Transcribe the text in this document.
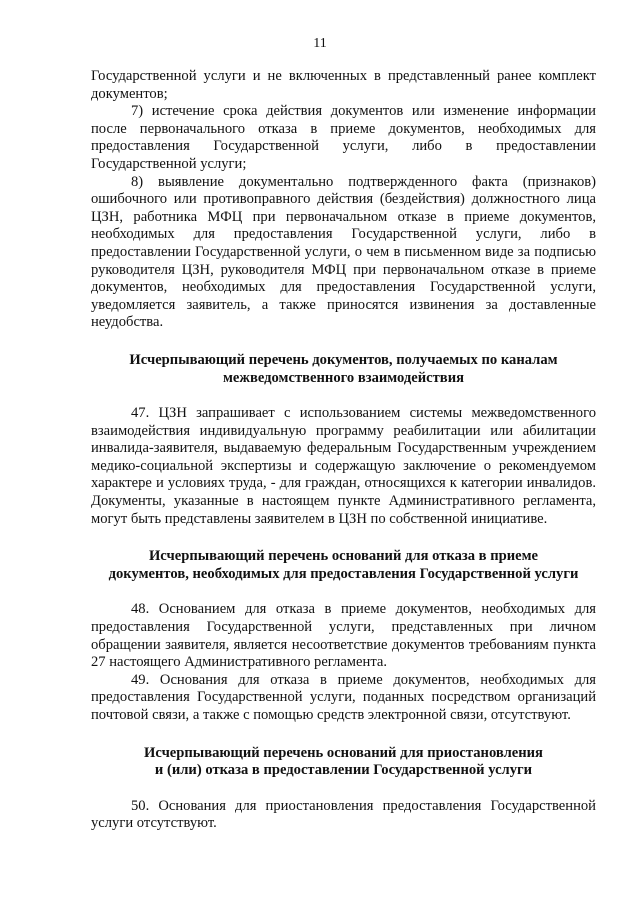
11

Государственной услуги и не включенных в представленный ранее комплект документов;

7) истечение срока действия документов или изменение информации после первоначального отказа в приеме документов, необходимых для предоставления Государственной услуги, либо в предоставлении Государственной услуги;

8) выявление документально подтвержденного факта (признаков) ошибочного или противоправного действия (бездействия) должностного лица ЦЗН, работника МФЦ при первоначальном отказе в приеме документов, необходимых для предоставления Государственной услуги, либо в предоставлении Государственной услуги, о чем в письменном виде за подписью руководителя ЦЗН, руководителя МФЦ при первоначальном отказе в приеме документов, необходимых для предоставления Государственной услуги, уведомляется заявитель, а также приносятся извинения за доставленные неудобства.

Исчерпывающий перечень документов, получаемых по каналам
межведомственного взаимодействия

47. ЦЗН запрашивает с использованием системы межведомственного взаимодействия индивидуальную программу реабилитации или абилитации инвалида-заявителя, выдаваемую федеральным Государственным учреждением медико-социальной экспертизы и содержащую заключение о рекомендуемом характере и условиях труда, - для граждан, относящихся к категории инвалидов. Документы, указанные в настоящем пункте Административного регламента, могут быть представлены заявителем в ЦЗН по собственной инициативе.

Исчерпывающий перечень оснований для отказа в приеме
документов, необходимых для предоставления Государственной услуги

48. Основанием для отказа в приеме документов, необходимых для предоставления Государственной услуги, представленных при личном обращении заявителя, является несоответствие документов требованиям пункта 27 настоящего Административного регламента.

49. Основания для отказа в приеме документов, необходимых для предоставления Государственной услуги, поданных посредством организаций почтовой связи, а также с помощью средств электронной связи, отсутствуют.

Исчерпывающий перечень оснований для приостановления
и (или) отказа в предоставлении Государственной услуги

50. Основания для приостановления предоставления Государственной услуги отсутствуют.
